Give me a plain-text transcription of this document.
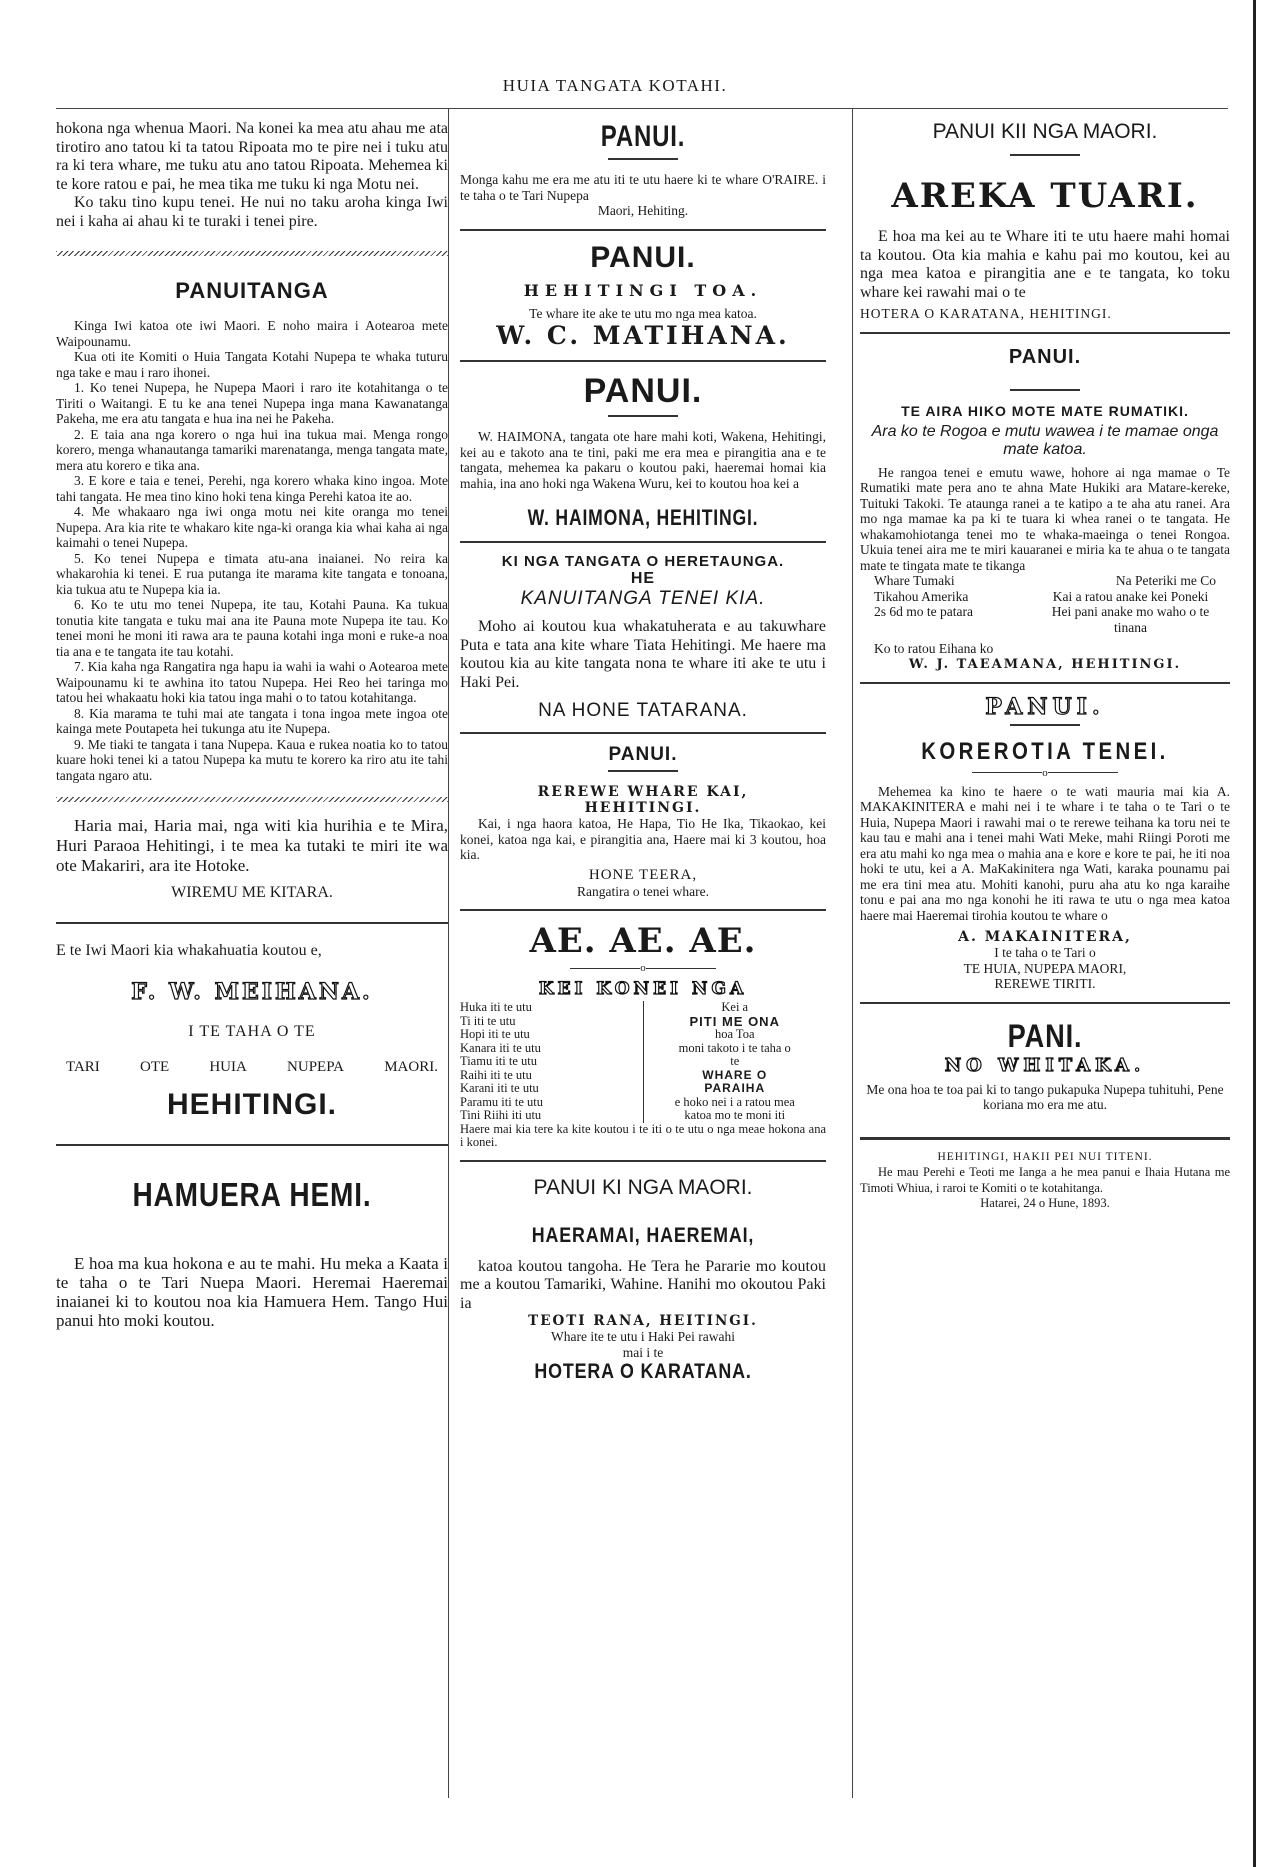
HUIA TANGATA KOTAHI.

hokona nga whenua Maori. Na konei ka mea atu ahau me ata tirotiro ano tatou ki ta tatou Ripoata mo te pire nei i tuku atu ra ki tera whare, me tuku atu ano tatou Ripoata. Mehemea ki te kore ratou e pai, he mea tika me tuku ki nga Motu nei.

Ko taku tino kupu tenei. He nui no taku aroha kinga Iwi nei i kaha ai ahau ki te turaki i tenei pire.

PANUITANGA

Kinga Iwi katoa ote iwi Maori. E noho maira i Aotearoa mete Waipounamu.

Kua oti ite Komiti o Huia Tangata Kotahi Nupepa te whaka tuturu nga take e mau i raro ihonei.

1. Ko tenei Nupepa, he Nupepa Maori i raro ite kotahitanga o te Tiriti o Waitangi. E tu ke ana tenei Nupepa inga mana Kawanatanga Pakeha, me era atu tangata e hua ina nei he Pakeha.

2. E taia ana nga korero o nga hui ina tukua mai. Menga rongo korero, menga whanautanga tamariki marenatanga, menga tangata mate, mera atu korero e tika ana.

3. E kore e taia e tenei, Perehi, nga korero whaka kino ingoa. Mote tahi tangata. He mea tino kino hoki tena kinga Perehi katoa ite ao.

4. Me whakaaro nga iwi onga motu nei kite oranga mo tenei Nupepa. Ara kia rite te whakaro kite nga-ki oranga kia whai kaha ai nga kaimahi o tenei Nupepa.

5. Ko tenei Nupepa e timata atu-ana inaianei. No reira ka whakarohia ki tenei. E rua putanga ite marama kite tangata e tonoana, kia tukua atu te Nupepa kia ia.

6. Ko te utu mo tenei Nupepa, ite tau, Kotahi Pauna. Ka tukua tonutia kite tangata e tuku mai ana ite Pauna mote Nupepa ite tau. Ko tenei moni he moni iti rawa ara te pauna kotahi inga moni e ruke-a noa tia ana e te tangata ite tau kotahi.

7. Kia kaha nga Rangatira nga hapu ia wahi ia wahi o Aotearoa mete Waipounamu ki te awhina ito tatou Nupepa. Hei Reo hei taringa mo tatou hei whakaatu hoki kia tatou inga mahi o to tatou kotahitanga.

8. Kia marama te tuhi mai ate tangata i tona ingoa mete ingoa ote kainga mete Poutapeta hei tukunga atu ite Nupepa.

9. Me tiaki te tangata i tana Nupepa. Kaua e rukea noatia ko to tatou kuare hoki tenei ki a tatou Nupepa ka mutu te korero ka riro atu ite tahi tangata ngaro atu.

Haria mai, Haria mai, nga witi kia hurihia e te Mira, Huri Paraoa Hehitingi, i te mea ka tutaki te miri ite wa ote Makariri, ara ite Hotoke.

WIREMU ME KITARA.

E te Iwi Maori kia whakahuatia koutou e,

F. W. MEIHANA.

I TE TAHA O TE

TARI	OTE	HUIA	NUPEPA	MAORI.
HEHITINGI.
HAMUERA HEMI.

E hoa ma kua hokona e au te mahi. Hu meka a Kaata i te taha o te Tari Nuepa Maori. Heremai Haeremai inaianei ki to koutou noa kia Hamuera Hem. Tango Hui panui hto moki koutou.

PANUI.

Monga kahu me era me atu iti te utu haere ki te whare O'RAIRE. i te taha o te Tari Nupepa

Maori, Hehiting.

PANUI.
HEHITINGI TOA.

Te whare ite ake te utu mo nga mea katoa.

W. C. MATIHANA.
PANUI.

W. HAIMONA, tangata ote hare mahi koti, Wakena, Hehitingi, kei au e takoto ana te tini, paki me era mea e pirangitia ana e te tangata, mehemea ka pakaru o koutou paki, haeremai homai kia mahia, ina ano hoki nga Wakena Wuru, kei to koutou hoa kei a

W. HAIMONA, HEHITINGI.
KI NGA TANGATA O HERETAUNGA.
HE
KANUITANGA TENEI KIA.

Moho ai koutou kua whakatuherata e au takuwhare Puta e tata ana kite whare Tiata Hehitingi. Me haere ma koutou kia au kite tangata nona te whare iti ake te utu i Haki Pei.

NA HONE TATARANA.
PANUI.
REREWE WHARE KAI,
HEHITINGI.

Kai, i nga haora katoa, He Hapa, Tio He Ika, Tikaokao, kei konei, katoa nga kai, e pirangitia ana, Haere mai ki 3 koutou, hoa kia.

HONE TEERA,

Rangatira o tenei whare.

AE. AE. AE.
o
KEI KONEI NGA
Huka iti te utu
Ti iti te utu
Hopi iti te utu
Kanara iti te utu
Tiamu iti te utu
Raihi iti te utu
Karani iti te utu
Paramu iti te utu
Tini Riihi iti utu
Kei a
PITI ME ONA
hoa Toa
moni takoto i te taha o
te
WHARE O
PARAIHA
e hoko nei i a ratou mea
katoa mo te moni iti

Haere mai kia tere ka kite koutou i te iti o te utu o nga meae hokona ana i konei.

PANUI KI NGA MAORI.
HAERAMAI, HAEREMAI,

katoa koutou tangoha. He Tera he Pararie mo koutou me a koutou Tamariki, Wahine. Hanihi mo okoutou Paki ia

TEOTI RANA, HEITINGI.

Whare ite te utu i Haki Pei rawahi

mai i te

HOTERA O KARATANA.
PANUI KII NGA MAORI.
AREKA TUARI.

E hoa ma kei au te Whare iti te utu haere mahi homai ta koutou. Ota kia mahia e kahu pai mo koutou, kei au nga mea katoa e pirangitia ane e te tangata, ko toku whare kei rawahi mai o te

HOTERA O KARATANA, HEHITINGI.

PANUI.
TE AIRA HIKO MOTE MATE RUMATIKI.

Ara ko te Rogoa e mutu wawea i te mamae onga mate katoa.

He rangoa tenei e emutu wawe, hohore ai nga mamae o Te Rumatiki mate pera ano te ahna Mate Hukiki ara Matare-kereke, Tuituki Takoki. Te ataunga ranei a te katipo a te aha atu ranei. Ara mo nga mamae ka pa ki te tuara ki whea ranei o te tangata. He whakamohiotanga tenei mo te whaka-maeinga o tenei Rongoa. Ukuia tenei aira me te miri kauaranei e miria ka te ahua o te tangata mate te tingata mate te tikanga

Whare Tumaki	Na Peteriki me Co
Tikahou Amerika	Kai a ratou anake kei Poneki
2s 6d mo te patara	Hei pani anake mo waho o te tinana

Ko to ratou Eihana ko

W. J. TAEAMANA, HEHITINGI.
PANUI.
KOREROTIA TENEI.
o

Mehemea ka kino te haere o te wati mauria mai kia A. MAKAKINITERA e mahi nei i te whare i te taha o te Tari o te Huia, Nupepa Maori i rawahi mai o te rerewe teihana ka toru nei te kau tau e mahi ana i tenei mahi Wati Meke, mahi Riingi Poroti me era atu mahi ko nga mea o mahia ana e kore e kore te pai, he iti noa hoki te utu, kei a A. MaKakinitera nga Wati, karaka pounamu pai me era tini mea atu. Mohiti kanohi, puru aha atu ko nga karaihe tonu e pai ana mo nga konohi he iti rawa te utu o nga mea katoa haere mai Haeremai tirohia koutou te whare o

A. MAKAINITERA,

I te taha o te Tari o

TE HUIA, NUPEPA MAORI,

REREWE TIRITI.

PANI.
NO WHITAKA.

Me ona hoa te toa pai ki to tango pukapuka Nupepa tuhituhi, Pene koriana mo era me atu.

HEHITINGI, HAKII PEI NUI TITENI.

He mau Perehi e Teoti me Ianga a he mea panui e Ihaia Hutana me Timoti Whiua, i raroi te Komiti o te kotahitanga.

Hatarei, 24 o Hune, 1893.
